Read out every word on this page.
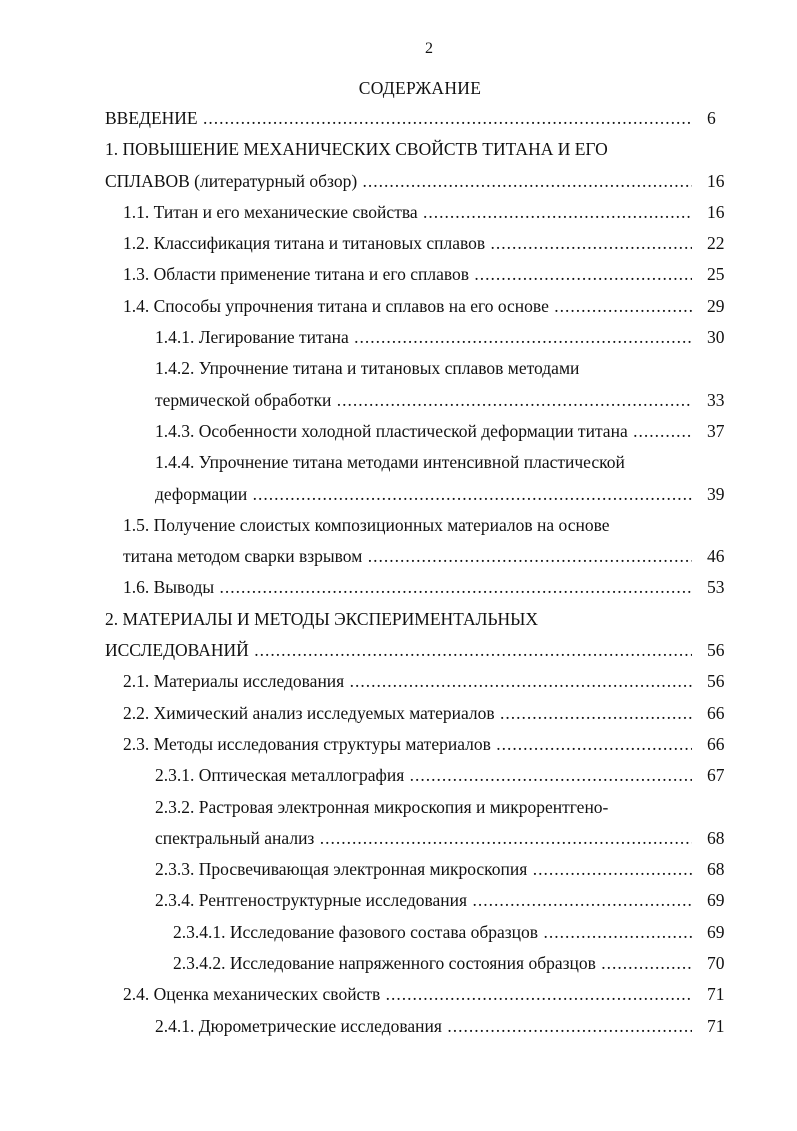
2
СОДЕРЖАНИЕ
ВВЕДЕНИЕ .....	6
1. ПОВЫШЕНИЕ МЕХАНИЧЕСКИХ СВОЙСТВ ТИТАНА И ЕГО
СПЛАВОВ (литературный обзор) .....	16
1.1. Титан и его механические свойства .....	16
1.2. Классификация титана и титановых сплавов .....	22
1.3. Области применение титана и его сплавов .....	25
1.4. Способы упрочнения титана и сплавов на его основе .....	29
1.4.1. Легирование титана .....	30
1.4.2. Упрочнение титана и титановых сплавов методами
термической обработки .....	33
1.4.3. Особенности холодной пластической деформации титана .....	37
1.4.4. Упрочнение титана методами интенсивной пластической
деформации .....	39
1.5. Получение слоистых композиционных материалов на основе
титана методом сварки взрывом .....	46
1.6. Выводы .....	53
2. МАТЕРИАЛЫ И МЕТОДЫ ЭКСПЕРИМЕНТАЛЬНЫХ
ИССЛЕДОВАНИЙ .....	56
2.1. Материалы исследования .....	56
2.2. Химический анализ исследуемых материалов .....	66
2.3. Методы исследования структуры материалов .....	66
2.3.1. Оптическая металлография .....	67
2.3.2. Растровая электронная микроскопия и микрорентгено-
спектральный анализ .....	68
2.3.3. Просвечивающая электронная микроскопия .....	68
2.3.4. Рентгеноструктурные исследования .....	69
2.3.4.1. Исследование фазового состава образцов .....	69
2.3.4.2. Исследование напряженного состояния образцов .....	70
2.4. Оценка механических свойств .....	71
2.4.1. Дюрометрические исследования .....	71
